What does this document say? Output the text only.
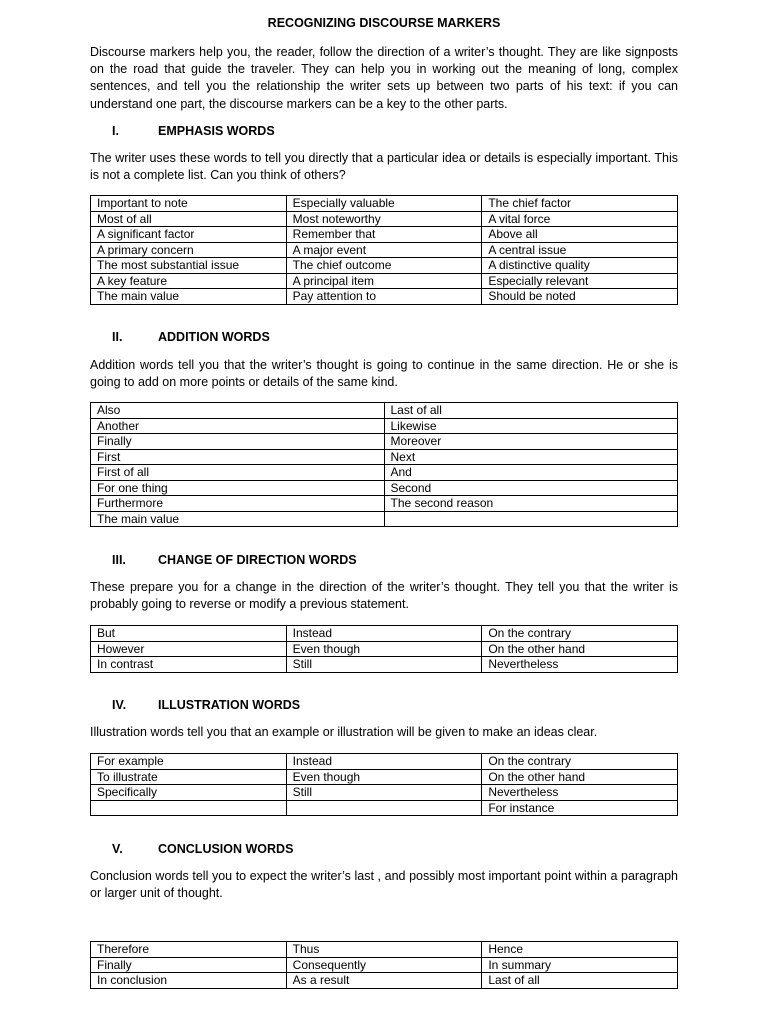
RECOGNIZING DISCOURSE MARKERS
Discourse markers help you, the reader, follow the direction of a writer’s thought. They are like signposts on the road that guide the traveler. They can help you in working out the meaning of long, complex sentences, and tell you the relationship the writer sets up between two parts of his text: if you can understand one part, the discourse markers can be a key to the other parts.
I.	EMPHASIS WORDS
The writer uses these words to tell you directly that a particular idea or details is especially important. This is not a complete list. Can you think of others?
Important to note	Especially valuable	The chief factor
Most of all	Most noteworthy	A vital force
A significant factor	Remember that	Above all
A primary concern	A major event	A central issue
The most substantial issue	The chief outcome	A distinctive quality
A key feature	A principal item	Especially relevant
The main value	Pay attention to	Should be noted
II.	ADDITION WORDS
Addition words tell you that the writer’s thought is going to continue in the same direction. He or she is going to add on more points or details of the same kind.
Also	Last of all
Another	Likewise
Finally	Moreover
First	Next
First of all	And
For one thing	Second
Furthermore	The second reason
The main value	
III.	CHANGE OF DIRECTION WORDS
These prepare you for a change in the direction of the writer’s thought. They tell you that the writer is probably going to reverse or modify a previous statement.
But	Instead	On the contrary
However	Even though	On the other hand
In contrast	Still	Nevertheless
IV.	ILLUSTRATION WORDS
Illustration words tell you that an example or illustration will be given to make an ideas clear.
For example	Instead	On the contrary
To illustrate	Even though	On the other hand
Specifically	Still	Nevertheless
		For instance
V.	CONCLUSION WORDS
Conclusion words tell you to expect the writer’s last , and possibly most important point within a paragraph or larger unit of thought.
Therefore	Thus	Hence
Finally	Consequently	In summary
In conclusion	As a result	Last of all
